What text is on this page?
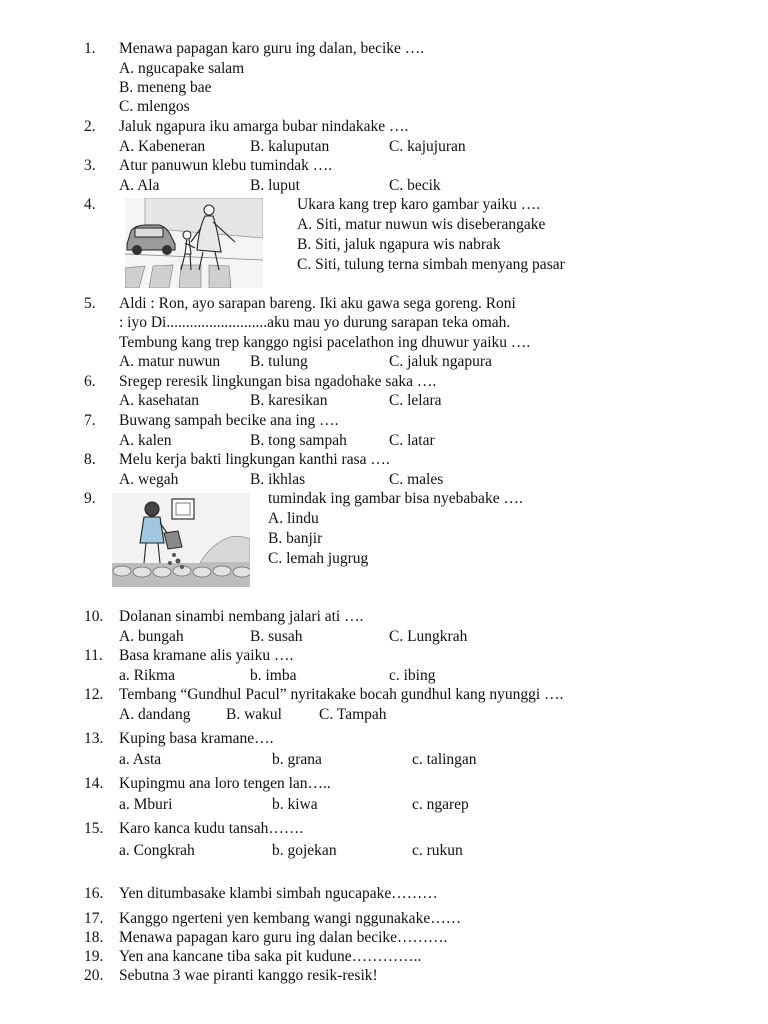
1. Menawa papagan karo guru ing dalan, becike ….
A. ngucapake salam
B. meneng bae
C. mlengos
2. Jaluk ngapura iku amarga bubar nindakake ….
A. Kabeneran	B. kaluputan	C. kajujuran
3. Atur panuwun klebu tumindak ….
A. Ala	B. luput	C. becik
4.	Ukara kang trep karo gambar yaiku ….
A. Siti, matur nuwun wis diseberangake
B. Siti, jaluk ngapura wis nabrak
C. Siti, tulung terna simbah menyang pasar
5. Aldi : Ron, ayo sarapan bareng. Iki aku gawa sega goreng. Roni
: iyo Di..........................aku mau yo durung sarapan teka omah.
Tembung kang trep kanggo ngisi pacelathon ing dhuwur yaiku ….
A. matur nuwun B. tulung	C. jaluk ngapura
6. Sregep reresik lingkungan bisa ngadohake saka ….
A. kasehatan	B. karesikan	C. lelara
7. Buwang sampah becike ana ing ….
A. kalen	B. tong sampah	C. latar
8. Melu kerja bakti lingkungan kanthi rasa ….
A. wegah	B. ikhlas	C. males
9.	tumindak ing gambar bisa nyebabake ….
A. lindu
B. banjir
C. lemah jugrug
10. Dolanan sinambi nembang jalari ati ….
A. bungah	B. susah	C. Lungkrah
11. Basa kramane alis yaiku ….
a. Rikma	b. imba	c. ibing
12. Tembang “Gundhul Pacul” nyritakake bocah gundhul kang nyunggi ….
A. dandang B. wakul C. Tampah
13. Kuping basa kramane….
a. Asta	b. grana	c. talingan
14. Kupingmu ana loro tengen lan…..
a. Mburi	b. kiwa	c. ngarep
15. Karo kanca kudu tansah…….
a. Congkrah	b. gojekan	c. rukun
16. Yen ditumbasake klambi simbah ngucapake………
17. Kanggo ngerteni yen kembang wangi nggunakake……
18. Menawa papagan karo guru ing dalan becike……….
19. Yen ana kancane tiba saka pit kudune…………..
20. Sebutna 3 wae piranti kanggo resik-resik!
